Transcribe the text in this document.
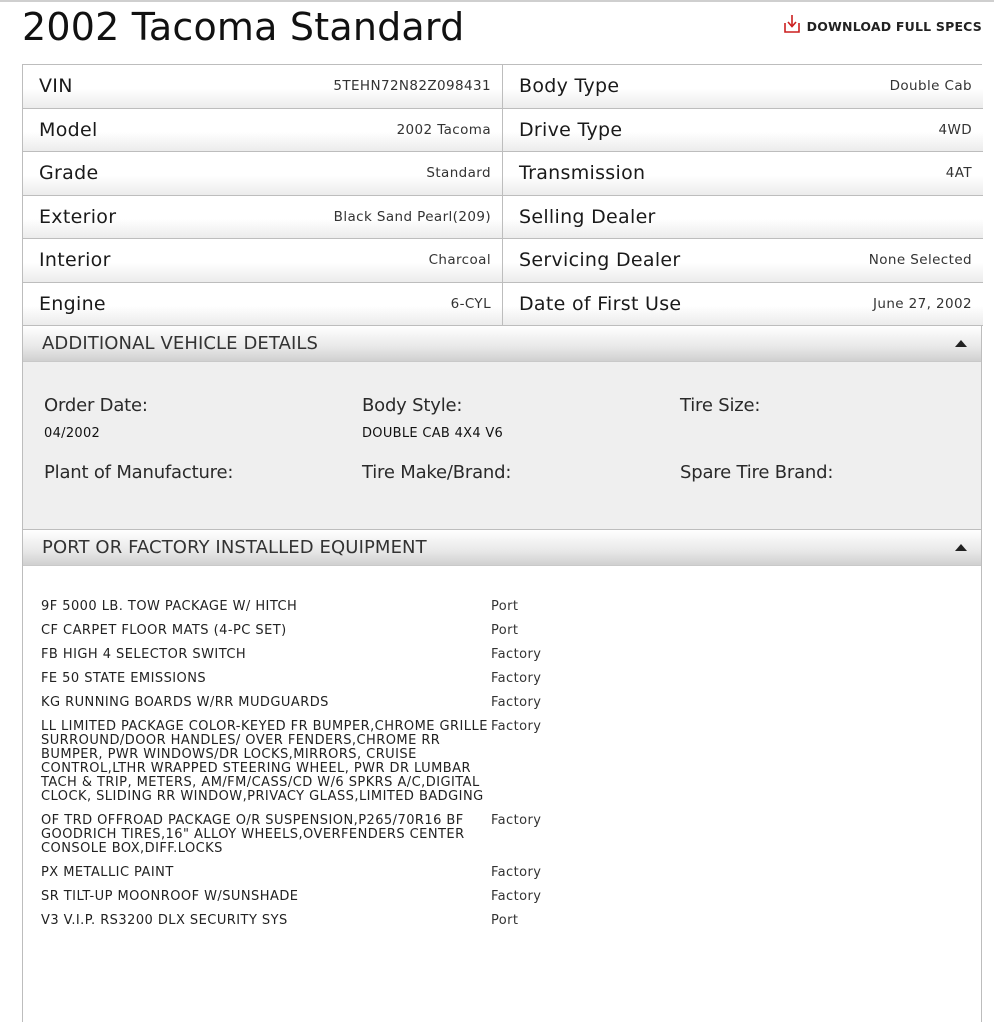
2002 Tacoma Standard	DOWNLOAD FULL SPECS
VIN	5TEHN72N82Z098431 Body Type	Double Cab
Model	2002 Tacoma Drive Type	4WD
Grade	Standard Transmission	4AT
Exterior	Black Sand Pearl(209) Selling Dealer
Interior	Charcoal Servicing Dealer	None Selected
Engine	6-CYL Date of First Use	June 27, 2002
ADDITIONAL VEHICLE DETAILS
Order Date:
04/2002
Body Style:
DOUBLE CAB 4X4 V6
Tire Size:
Plant of Manufacture:	Tire Make/Brand:	Spare Tire Brand:
PORT OR FACTORY INSTALLED EQUIPMENT
9F 5000 LB. TOW PACKAGE W/ HITCH	Port
CF CARPET FLOOR MATS (4-PC SET)	Port
FB HIGH 4 SELECTOR SWITCH	Factory
FE 50 STATE EMISSIONS	Factory
KG RUNNING BOARDS W/RR MUDGUARDS	Factory
LL LIMITED PACKAGE COLOR-KEYED FR BUMPER,CHROME GRILLE SURROUND/DOOR HANDLES/ OVER FENDERS,CHROME RR BUMPER, PWR WINDOWS/DR LOCKS,MIRRORS, CRUISE CONTROL,LTHR WRAPPED STEERING WHEEL, PWR DR LUMBAR TACH & TRIP, METERS, AM/FM/CASS/CD W/6 SPKRS A/C,DIGITAL CLOCK, SLIDING RR WINDOW,PRIVACY GLASS,LIMITED BADGING
Factory
OF TRD OFFROAD PACKAGE O/R SUSPENSION,P265/70R16 BF GOODRICH TIRES,16" ALLOY WHEELS,OVERFENDERS CENTER CONSOLE BOX,DIFF.LOCKS
Factory
PX METALLIC PAINT	Factory
SR TILT-UP MOONROOF W/SUNSHADE	Factory
V3 V.I.P. RS3200 DLX SECURITY SYS	Port
